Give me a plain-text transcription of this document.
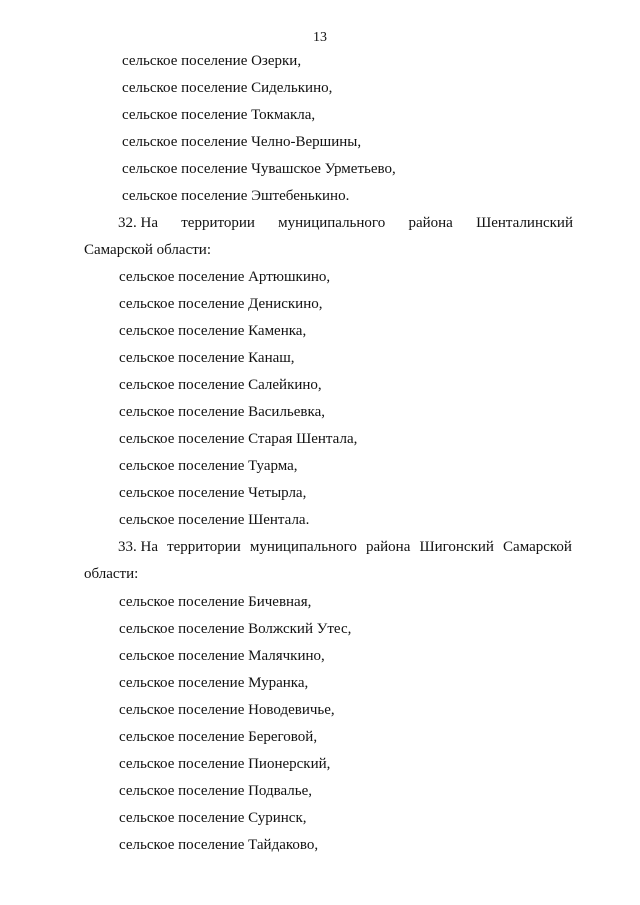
13
сельское поселение Озерки,
сельское поселение Сиделькино,
сельское поселение Токмакла,
сельское поселение Челно-Вершины,
сельское поселение Чувашское Урметьево,
сельское поселение Эштебенькино.
32. На территории муниципального района Шенталинский
Самарской области:
сельское поселение Артюшкино,
сельское поселение Денискино,
сельское поселение Каменка,
сельское поселение Канаш,
сельское поселение Салейкино,
сельское поселение Васильевка,
сельское поселение Старая Шентала,
сельское поселение Туарма,
сельское поселение Четырла,
сельское поселение Шентала.
33. На территории муниципального района Шигонский Самарской
области:
сельское поселение Бичевная,
сельское поселение Волжский Утес,
сельское поселение Малячкино,
сельское поселение Муранка,
сельское поселение Новодевичье,
сельское поселение Береговой,
сельское поселение Пионерский,
сельское поселение Подвалье,
сельское поселение Суринск,
сельское поселение Тайдаково,
